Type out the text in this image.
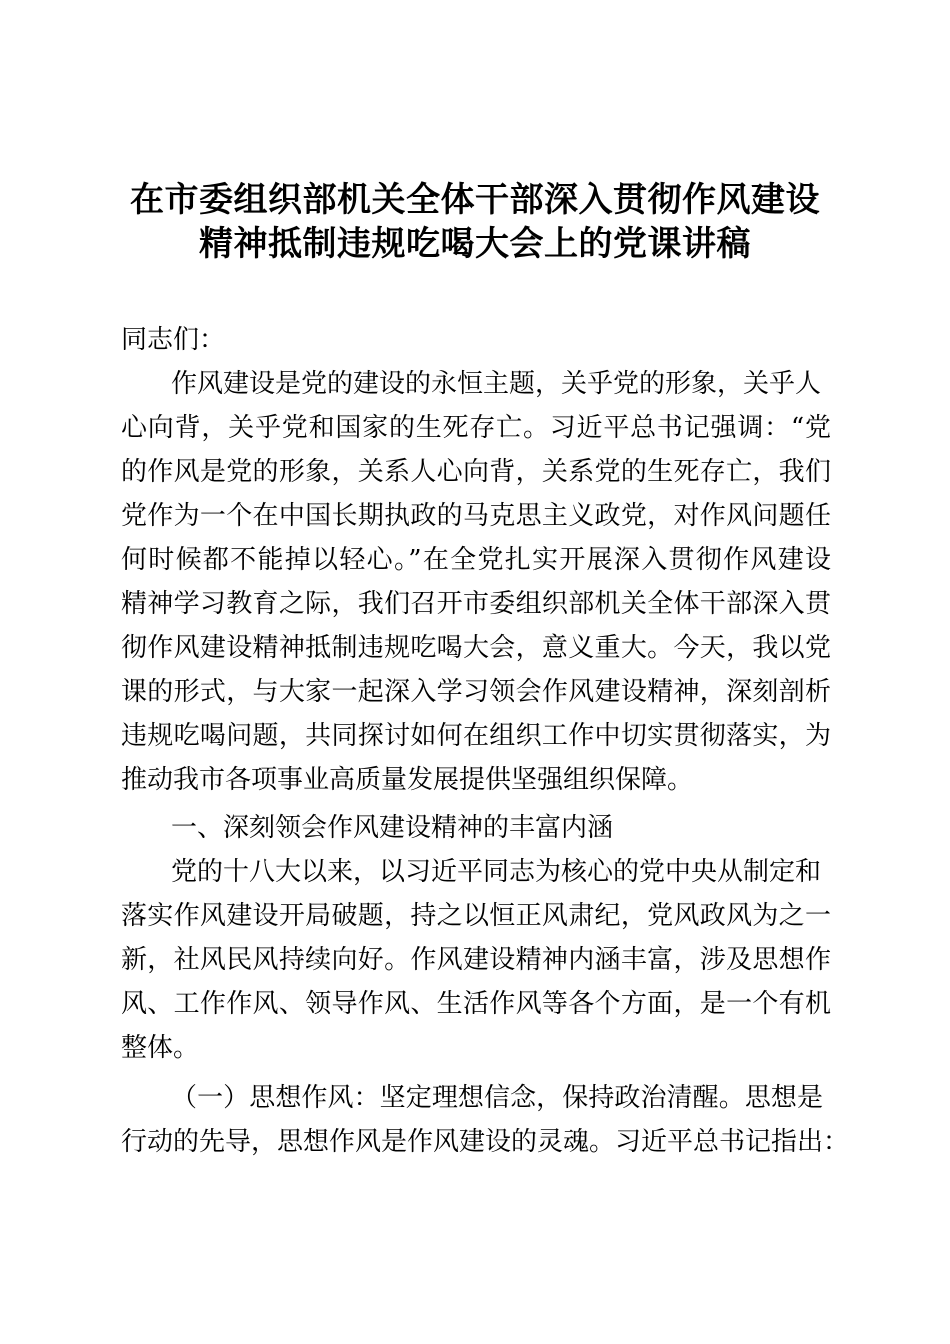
在市委组织部机关全体干部深入贯彻作风建设
精神抵制违规吃喝大会上的党课讲稿
同志们：
作风建设是党的建设的永恒主题，关乎党的形象，关乎人
心向背，关乎党和国家的生死存亡。习近平总书记强调：“党
的作风是党的形象，关系人心向背，关系党的生死存亡，我们
党作为一个在中国长期执政的马克思主义政党，对作风问题任
何时候都不能掉以轻心。”在全党扎实开展深入贯彻作风建设
精神学习教育之际，我们召开市委组织部机关全体干部深入贯
彻作风建设精神抵制违规吃喝大会，意义重大。今天，我以党
课的形式，与大家一起深入学习领会作风建设精神，深刻剖析
违规吃喝问题，共同探讨如何在组织工作中切实贯彻落实，为
推动我市各项事业高质量发展提供坚强组织保障。
一、深刻领会作风建设精神的丰富内涵
党的十八大以来，以习近平同志为核心的党中央从制定和
落实作风建设开局破题，持之以恒正风肃纪，党风政风为之一
新，社风民风持续向好。作风建设精神内涵丰富，涉及思想作
风、工作作风、领导作风、生活作风等各个方面，是一个有机
整体。
（一）思想作风：坚定理想信念，保持政治清醒。思想是
行动的先导，思想作风是作风建设的灵魂。习近平总书记指出：
